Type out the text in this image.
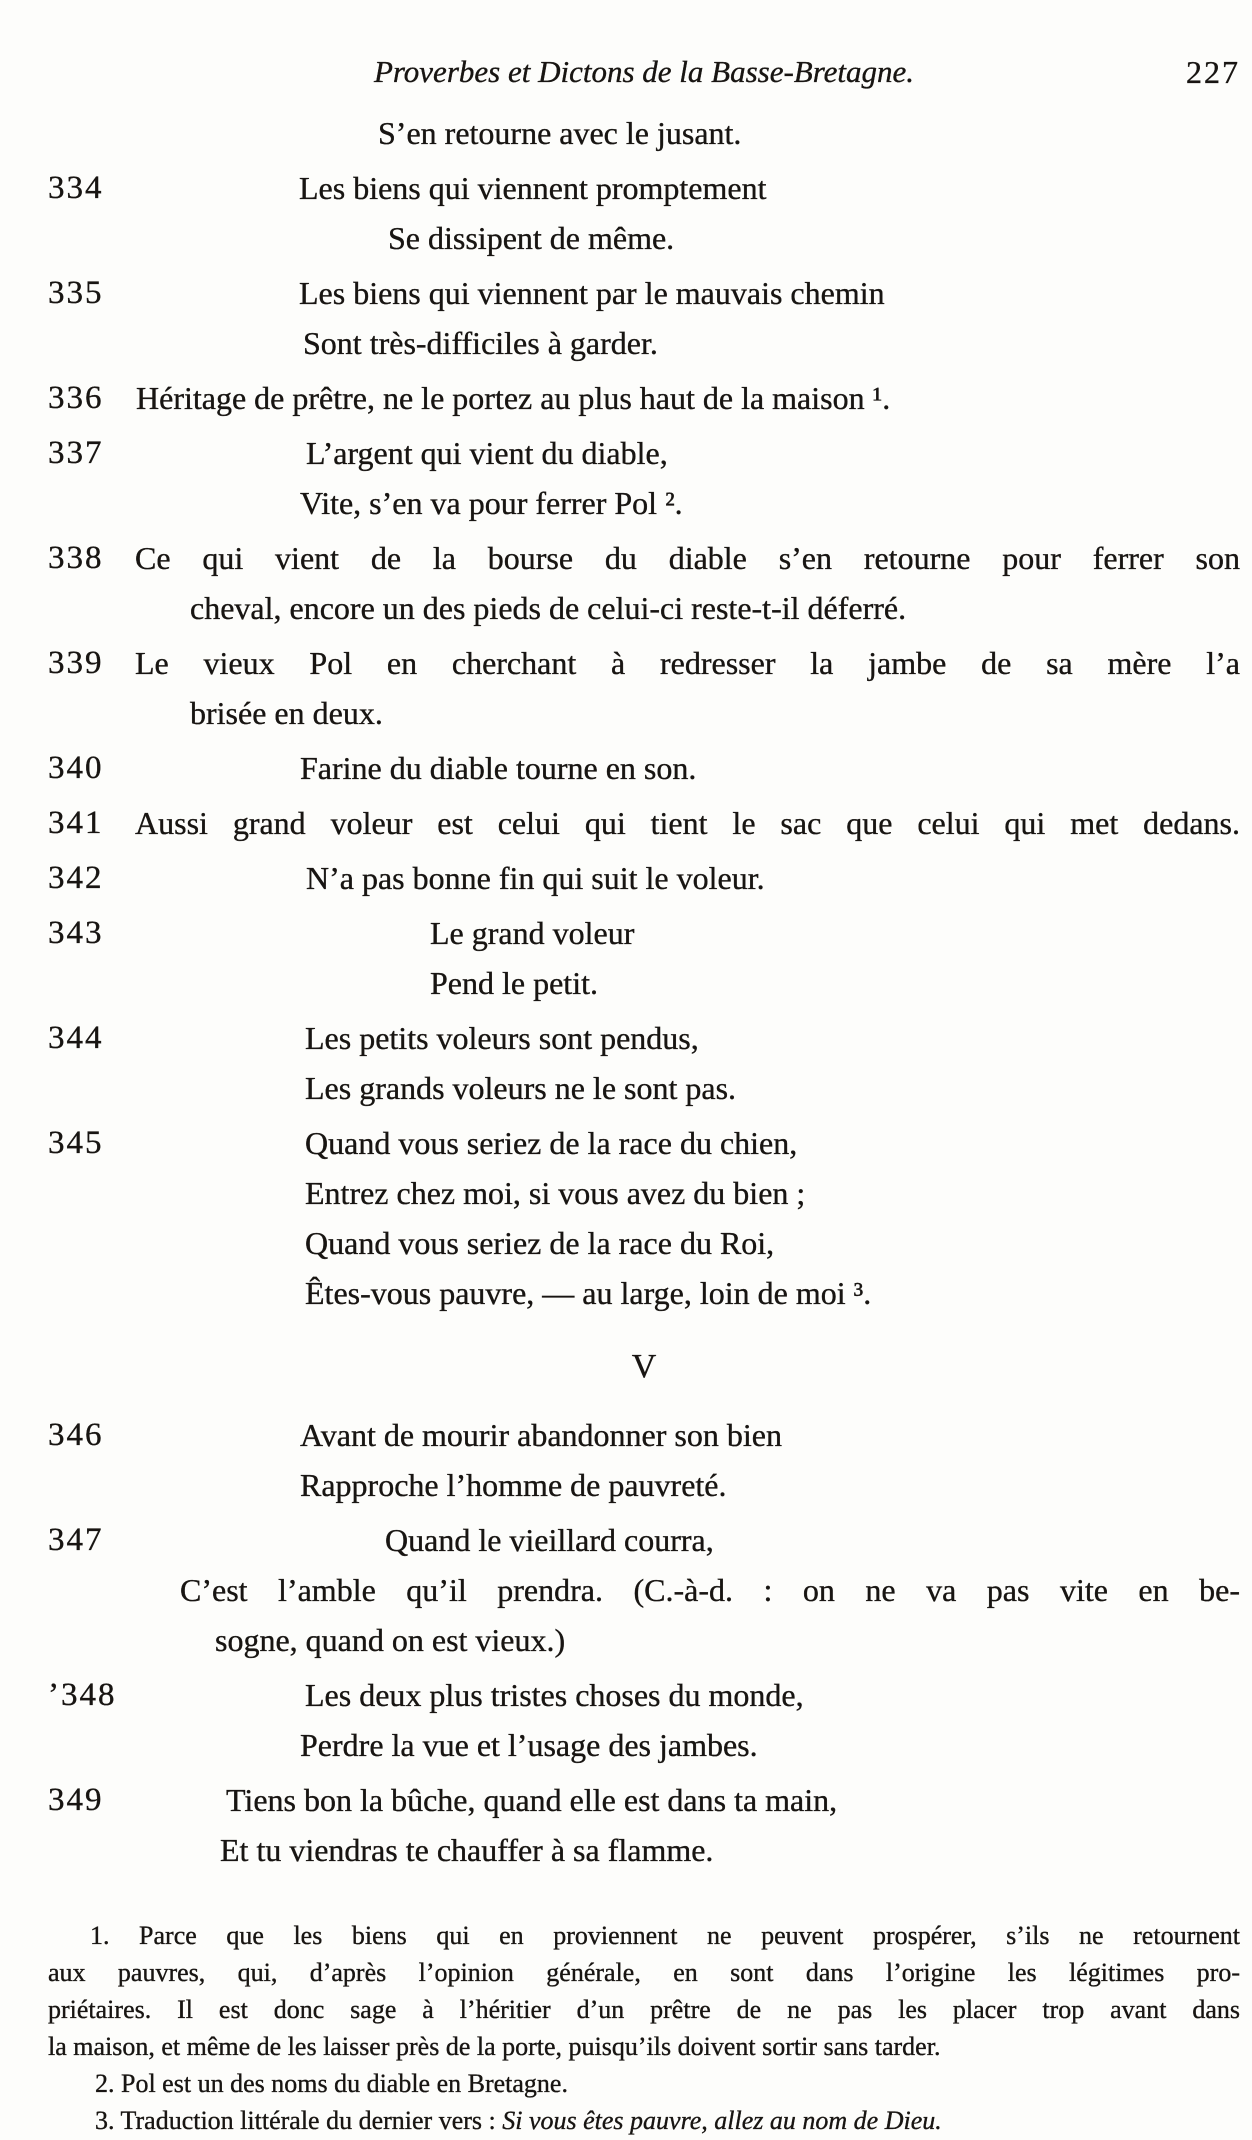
Proverbes et Dictons de la Basse-Bretagne.	227
S’en retourne avec le jusant.
334	Les biens qui viennent promptement
Se dissipent de même.
335	Les biens qui viennent par le mauvais chemin
Sont très-difficiles à garder.
336 Héritage de prêtre, ne le portez au plus haut de la maison ¹.
337	L’argent qui vient du diable,
Vite, s’en va pour ferrer Pol ².
338 Ce qui vient de la bourse du diable s’en retourne pour ferrer son
cheval, encore un des pieds de celui-ci reste-t-il déferré.
339 Le vieux Pol en cherchant à redresser la jambe de sa mère l’a
brisée en deux.
340	Farine du diable tourne en son.
341 Aussi grand voleur est celui qui tient le sac que celui qui met dedans.
342	N’a pas bonne fin qui suit le voleur.
343	Le grand voleur
Pend le petit.
344	Les petits voleurs sont pendus,
Les grands voleurs ne le sont pas.
345	Quand vous seriez de la race du chien,
Entrez chez moi, si vous avez du bien ;
Quand vous seriez de la race du Roi,
Êtes-vous pauvre, — au large, loin de moi ³.
V
346	Avant de mourir abandonner son bien
Rapproche l’homme de pauvreté.
347	Quand le vieillard courra,
C’est l’amble qu’il prendra. (C.-à-d. : on ne va pas vite en be-
sogne, quand on est vieux.)
’348	Les deux plus tristes choses du monde,
Perdre la vue et l’usage des jambes.
349	Tiens bon la bûche, quand elle est dans ta main,
Et tu viendras te chauffer à sa flamme.
1. Parce que les biens qui en proviennent ne peuvent prospérer, s’ils ne retournent
aux pauvres, qui, d’après l’opinion générale, en sont dans l’origine les légitimes pro-
priétaires. Il est donc sage à l’héritier d’un prêtre de ne pas les placer trop avant dans
la maison, et même de les laisser près de la porte, puisqu’ils doivent sortir sans tarder.
2. Pol est un des noms du diable en Bretagne.
3. Traduction littérale du dernier vers : Si vous êtes pauvre, allez au nom de Dieu.
